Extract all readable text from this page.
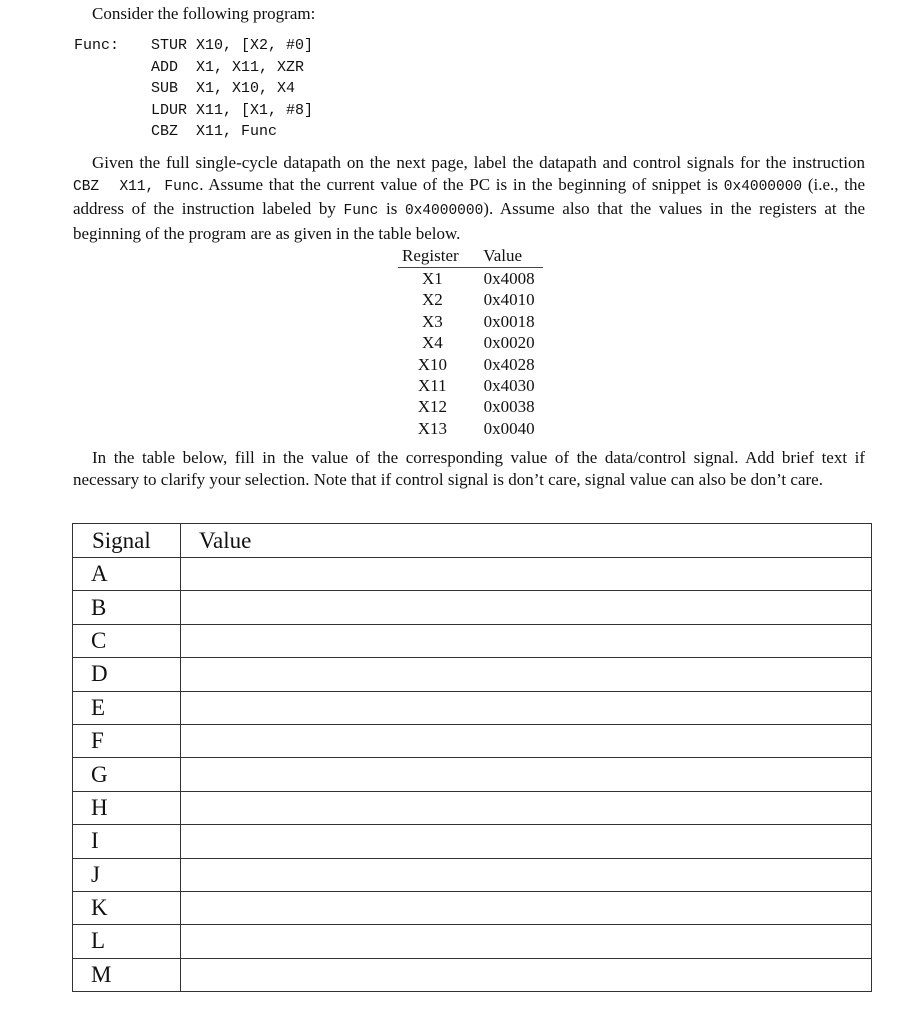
Consider the following program:
Func:	STUR X10, [X2, #0]
ADD  X1, X11, XZR
SUB  X1, X10, X4
LDUR X11, [X1, #8]
CBZ  X11, Func
Given the full single-cycle datapath on the next page, label the datapath and control signals for the instruction CBZ  X11, Func. Assume that the current value of the PC is in the beginning of snippet is 0x4000000 (i.e., the address of the instruction labeled by Func is 0x4000000). Assume also that the values in the registers at the beginning of the program are as given in the table below.
Register	Value
X1	0x4008
X2	0x4010
X3	0x0018
X4	0x0020
X10	0x4028
X11	0x4030
X12	0x0038
X13	0x0040
In the table below, fill in the value of the corresponding value of the data/control signal. Add brief text if necessary to clarify your selection. Note that if control signal is don’t care, signal value can also be don’t care.
Signal	Value
A	
B	
C	
D	
E	
F	
G	
H	
I	
J	
K	
L	
M	
